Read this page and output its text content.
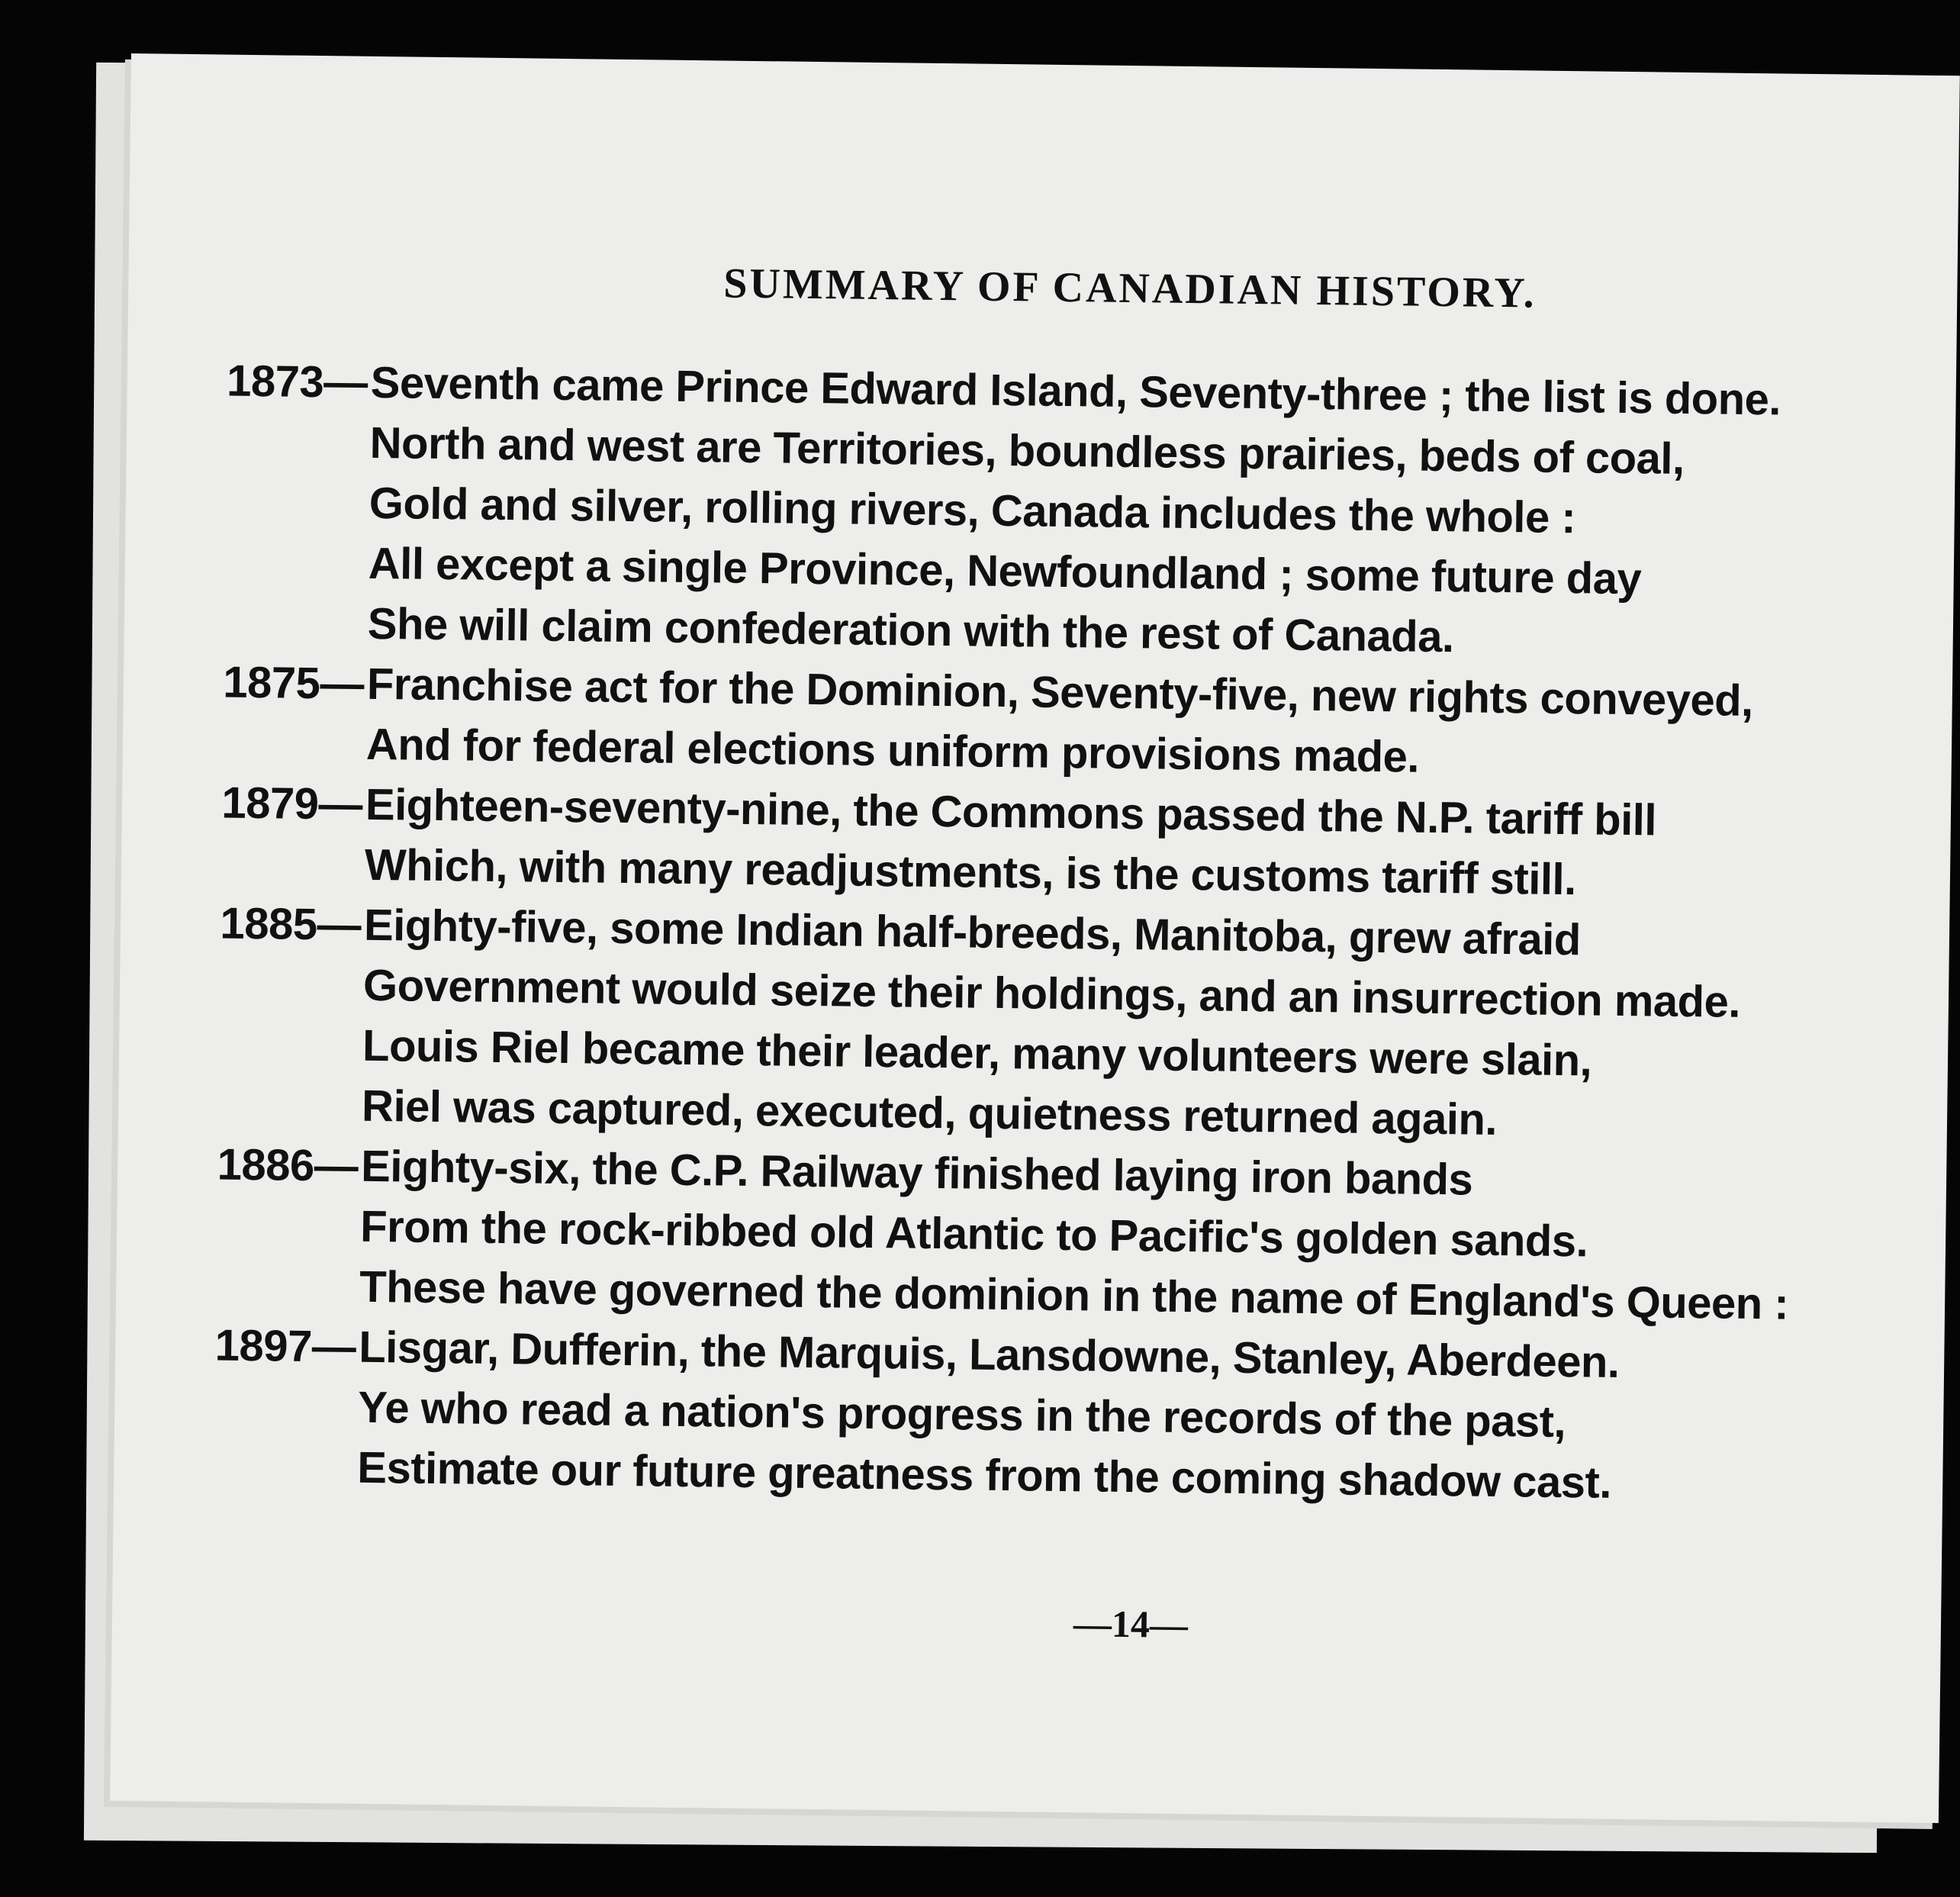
SUMMARY OF CANADIAN HISTORY.
1873— Seventh came Prince Edward Island, Seventy-three ; the list is done.
North and west are Territories, boundless prairies, beds of coal,
Gold and silver, rolling rivers, Canada includes the whole :
All except a single Province, Newfoundland ; some future day
She will claim confederation with the rest of Canada.
1875— Franchise act for the Dominion, Seventy-five, new rights conveyed,
And for federal elections uniform provisions made.
1879— Eighteen-seventy-nine, the Commons passed the N.P. tariff bill
Which, with many readjustments, is the customs tariff still.
1885— Eighty-five, some Indian half-breeds, Manitoba, grew afraid
Government would seize their holdings, and an insurrection made.
Louis Riel became their leader, many volunteers were slain,
Riel was captured, executed, quietness returned again.
1886— Eighty-six, the C.P. Railway finished laying iron bands
From the rock-ribbed old Atlantic to Pacific's golden sands.
These have governed the dominion in the name of England's Queen :
1897— Lisgar, Dufferin, the Marquis, Lansdowne, Stanley, Aberdeen.
Ye who read a nation's progress in the records of the past,
Estimate our future greatness from the coming shadow cast.
—14—
